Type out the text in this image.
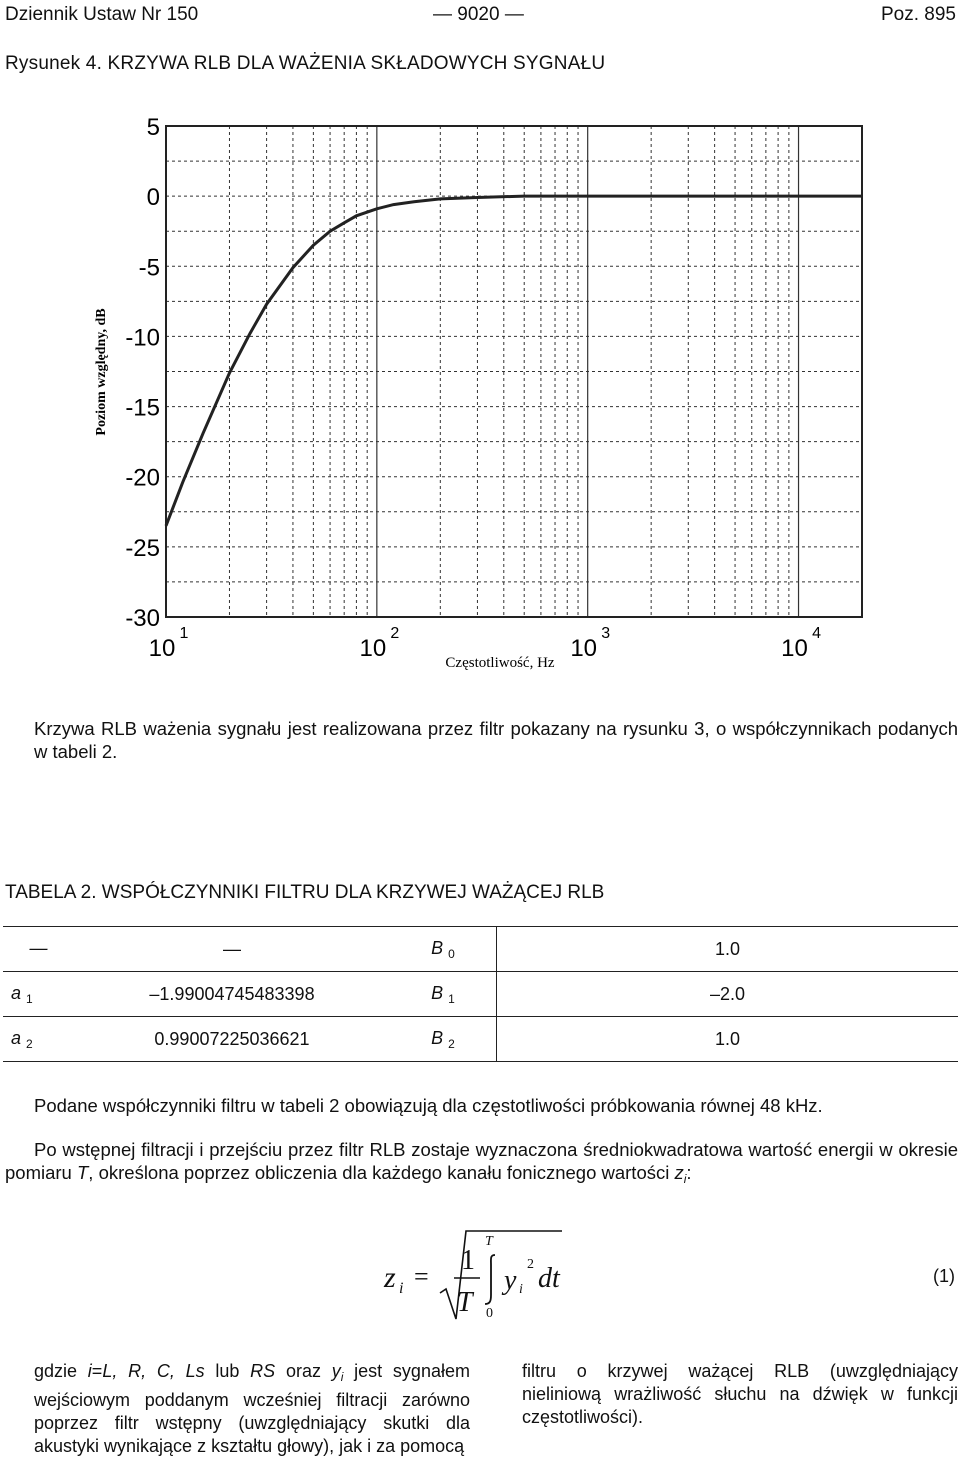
Dziennik Ustaw Nr 150	— 9020 —	Poz. 895
Rysunek 4. KRZYWA RLB DLA WAŻENIA SKŁADOWYCH SYGNAŁU
5
0
-5
-10
-15
-20
-25
-30
10
1
10
2
10
3
10
4
Poziom względny, dB
Częstotliwość, Hz

Krzywa RLB ważenia sygnału jest realizowana przez filtr pokazany na rysunku 3, o współczynnikach podanych w tabeli 2.

TABELA 2. WSPÓŁCZYNNIKI FILTRU DLA KRZYWEJ WAŻĄCEJ RLB
—	—	B $_0$	1.0
a $_1$	–1.99004745483398	B $_1$	–2.0
a $_2$	0.99007225036621	B $_2$	1.0

Podane współczynniki filtru w tabeli 2 obowiązują dla częstotliwości próbkowania równej 48 kHz.

Po wstępnej filtracji i przejściu przez filtr RLB zostaje wyznaczona średniokwadratowa wartość energii w okresie pomiaru T, określona poprzez obliczenia dla każdego kanału fonicznego wartości $z_i$:

z i =
1
T
T
0
y i
2 dt	(1)
gdzie i=L, R, C, Ls lub RS oraz $y_i$ jest sygnałem wejściowym poddanym wcześniej filtracji zarówno poprzez filtr wstępny (uwzględniający skutki dla akustyki wynikające z kształtu głowy), jak i za pomocą
filtru o krzywej ważącej RLB (uwzględniający nieliniową wrażliwość słuchu na dźwięk w funkcji częstotliwości).
